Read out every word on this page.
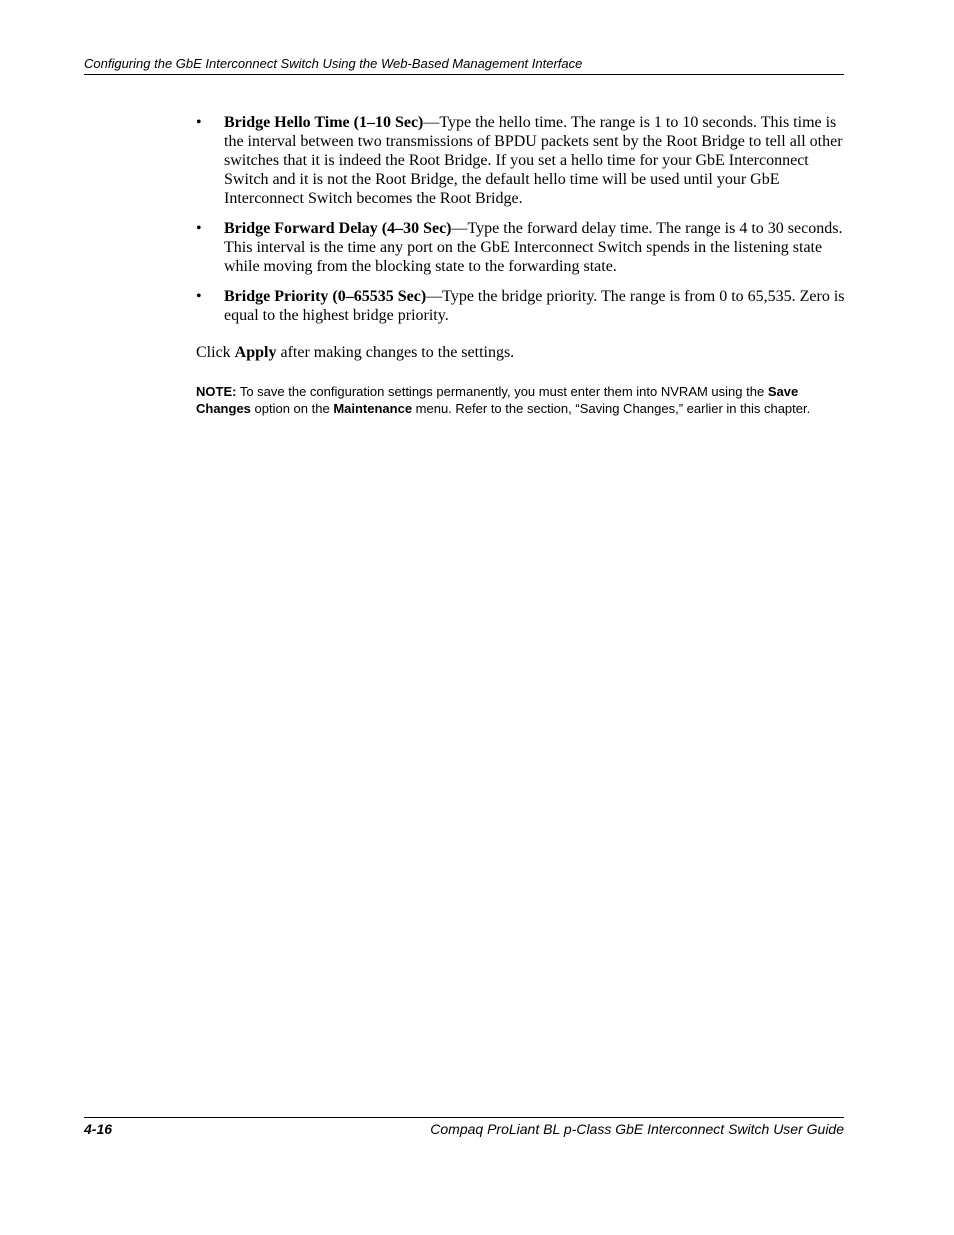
Configuring the GbE Interconnect Switch Using the Web-Based Management Interface
• Bridge Hello Time (1–10 Sec)—Type the hello time. The range is 1 to 10 seconds. This time is the interval between two transmissions of BPDU packets sent by the Root Bridge to tell all other switches that it is indeed the Root Bridge. If you set a hello time for your GbE Interconnect Switch and it is not the Root Bridge, the default hello time will be used until your GbE Interconnect Switch becomes the Root Bridge.
• Bridge Forward Delay (4–30 Sec)—Type the forward delay time. The range is 4 to 30 seconds. This interval is the time any port on the GbE Interconnect Switch spends in the listening state while moving from the blocking state to the forwarding state.
• Bridge Priority (0–65535 Sec)—Type the bridge priority. The range is from 0 to 65,535. Zero is equal to the highest bridge priority.
Click Apply after making changes to the settings.
NOTE: To save the configuration settings permanently, you must enter them into NVRAM using the Save Changes option on the Maintenance menu. Refer to the section, “Saving Changes,” earlier in this chapter.
4-16	Compaq ProLiant BL p-Class GbE Interconnect Switch User Guide
